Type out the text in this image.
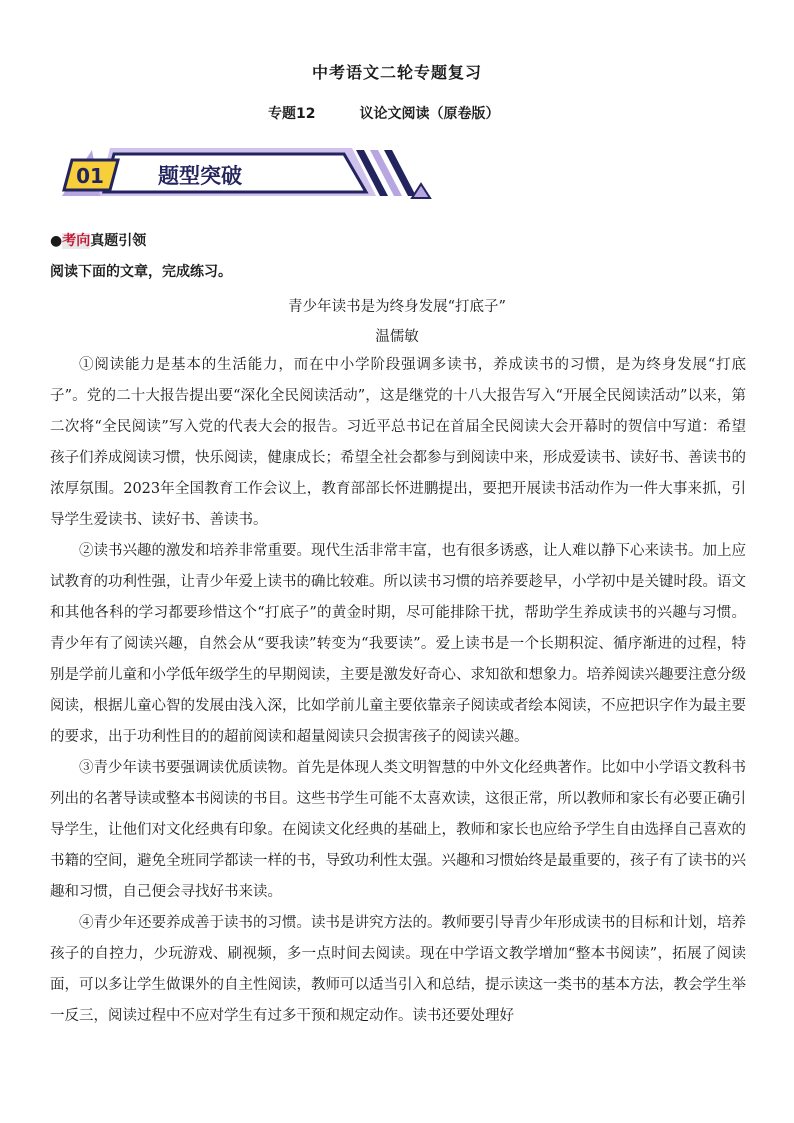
中考语文二轮专题复习
专题12	议论文阅读（原卷版）
01	题型突破
●考向真题引领
阅读下面的文章，完成练习。
青少年读书是为终身发展“打底子”
温儒敏

①阅读能力是基本的生活能力，而在中小学阶段强调多读书，养成读书的习惯，是为终身发展“打底子”。党的二十大报告提出要“深化全民阅读活动”，这是继党的十八大报告写入“开展全民阅读活动”以来，第二次将“全民阅读”写入党的代表大会的报告。习近平总书记在首届全民阅读大会开幕时的贺信中写道：希望孩子们养成阅读习惯，快乐阅读，健康成长；希望全社会都参与到阅读中来，形成爱读书、读好书、善读书的浓厚氛围。2023年全国教育工作会议上，教育部部长怀进鹏提出，要把开展读书活动作为一件大事来抓，引导学生爱读书、读好书、善读书。

②读书兴趣的激发和培养非常重要。现代生活非常丰富，也有很多诱惑，让人难以静下心来读书。加上应试教育的功利性强，让青少年爱上读书的确比较难。所以读书习惯的培养要趁早，小学初中是关键时段。语文和其他各科的学习都要珍惜这个“打底子”的黄金时期，尽可能排除干扰，帮助学生养成读书的兴趣与习惯。青少年有了阅读兴趣，自然会从“要我读”转变为“我要读”。爱上读书是一个长期积淀、循序渐进的过程，特别是学前儿童和小学低年级学生的早期阅读，主要是激发好奇心、求知欲和想象力。培养阅读兴趣要注意分级阅读，根据儿童心智的发展由浅入深，比如学前儿童主要依靠亲子阅读或者绘本阅读，不应把识字作为最主要的要求，出于功利性目的的超前阅读和超量阅读只会损害孩子的阅读兴趣。

③青少年读书要强调读优质读物。首先是体现人类文明智慧的中外文化经典著作。比如中小学语文教科书列出的名著导读或整本书阅读的书目。这些书学生可能不太喜欢读，这很正常，所以教师和家长有必要正确引导学生，让他们对文化经典有印象。在阅读文化经典的基础上，教师和家长也应给予学生自由选择自己喜欢的书籍的空间，避免全班同学都读一样的书，导致功利性太强。兴趣和习惯始终是最重要的，孩子有了读书的兴趣和习惯，自己便会寻找好书来读。

④青少年还要养成善于读书的习惯。读书是讲究方法的。教师要引导青少年形成读书的目标和计划，培养孩子的自控力，少玩游戏、刷视频，多一点时间去阅读。现在中学语文教学增加“整本书阅读”，拓展了阅读面，可以多让学生做课外的自主性阅读，教师可以适当引入和总结，提示读这一类书的基本方法，教会学生举一反三，阅读过程中不应对学生有过多干预和规定动作。读书还要处理好
